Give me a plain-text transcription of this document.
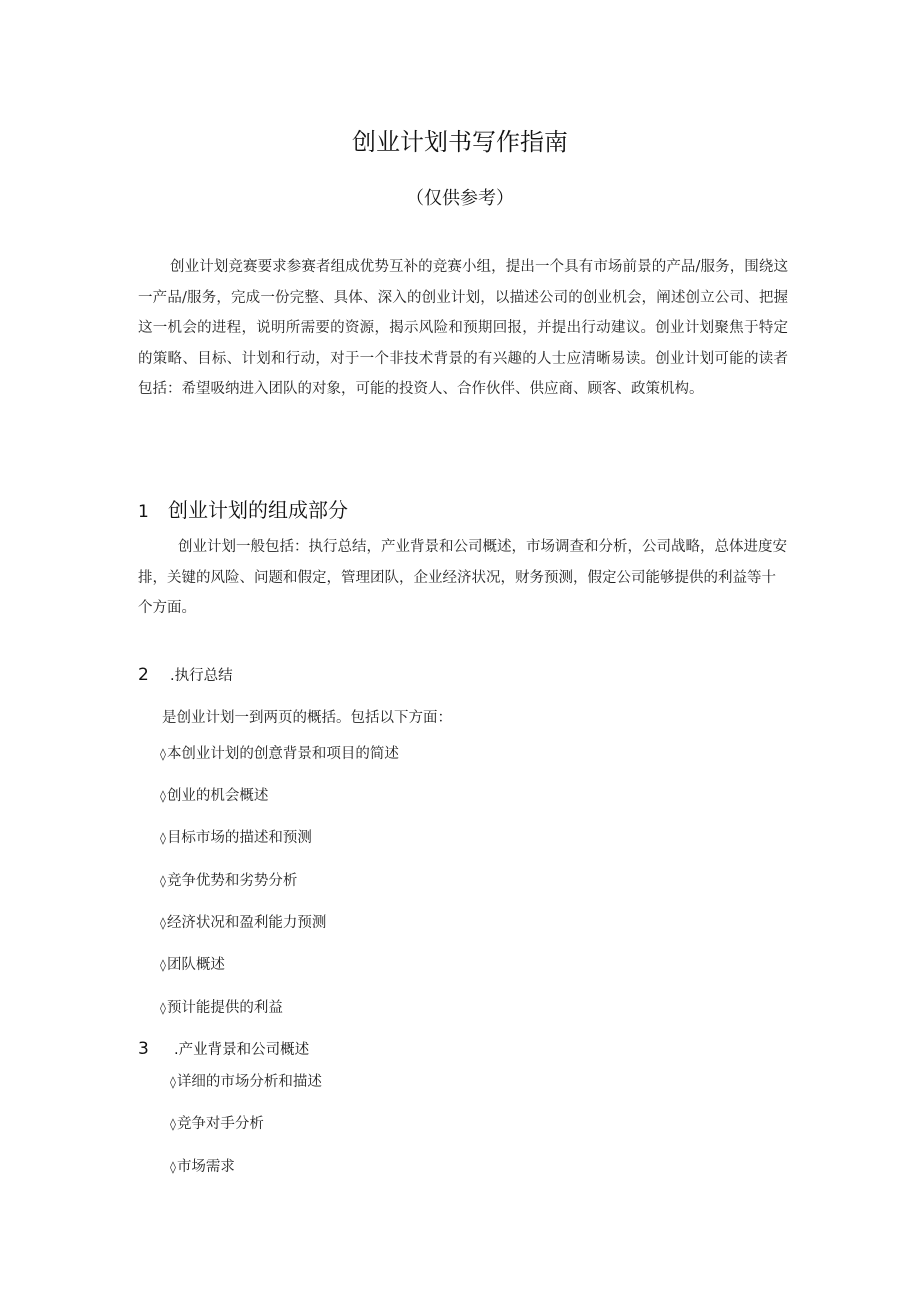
创业计划书写作指南
（仅供参考）

创业计划竞赛要求参赛者组成优势互补的竞赛小组，提出一个具有市场前景的产品/服务，围绕这一产品/服务，完成一份完整、具体、深入的创业计划，以描述公司的创业机会，阐述创立公司、把握这一机会的进程，说明所需要的资源，揭示风险和预期回报，并提出行动建议。创业计划聚焦于特定的策略、目标、计划和行动，对于一个非技术背景的有兴趣的人士应清晰易读。创业计划可能的读者包括：希望吸纳进入团队的对象，可能的投资人、合作伙伴、供应商、顾客、政策机构。

1 创业计划的组成部分

创业计划一般包括：执行总结，产业背景和公司概述，市场调查和分析，公司战略，总体进度安排，关键的风险、问题和假定，管理团队，企业经济状况，财务预测，假定公司能够提供的利益等十个方面。

2 .执行总结
是创业计划一到两页的概括。包括以下方面：
◊本创业计划的创意背景和项目的简述
◊创业的机会概述
◊目标市场的描述和预测
◊竞争优势和劣势分析
◊经济状况和盈利能力预测
◊团队概述
◊预计能提供的利益
3 .产业背景和公司概述
◊详细的市场分析和描述
◊竞争对手分析
◊市场需求
